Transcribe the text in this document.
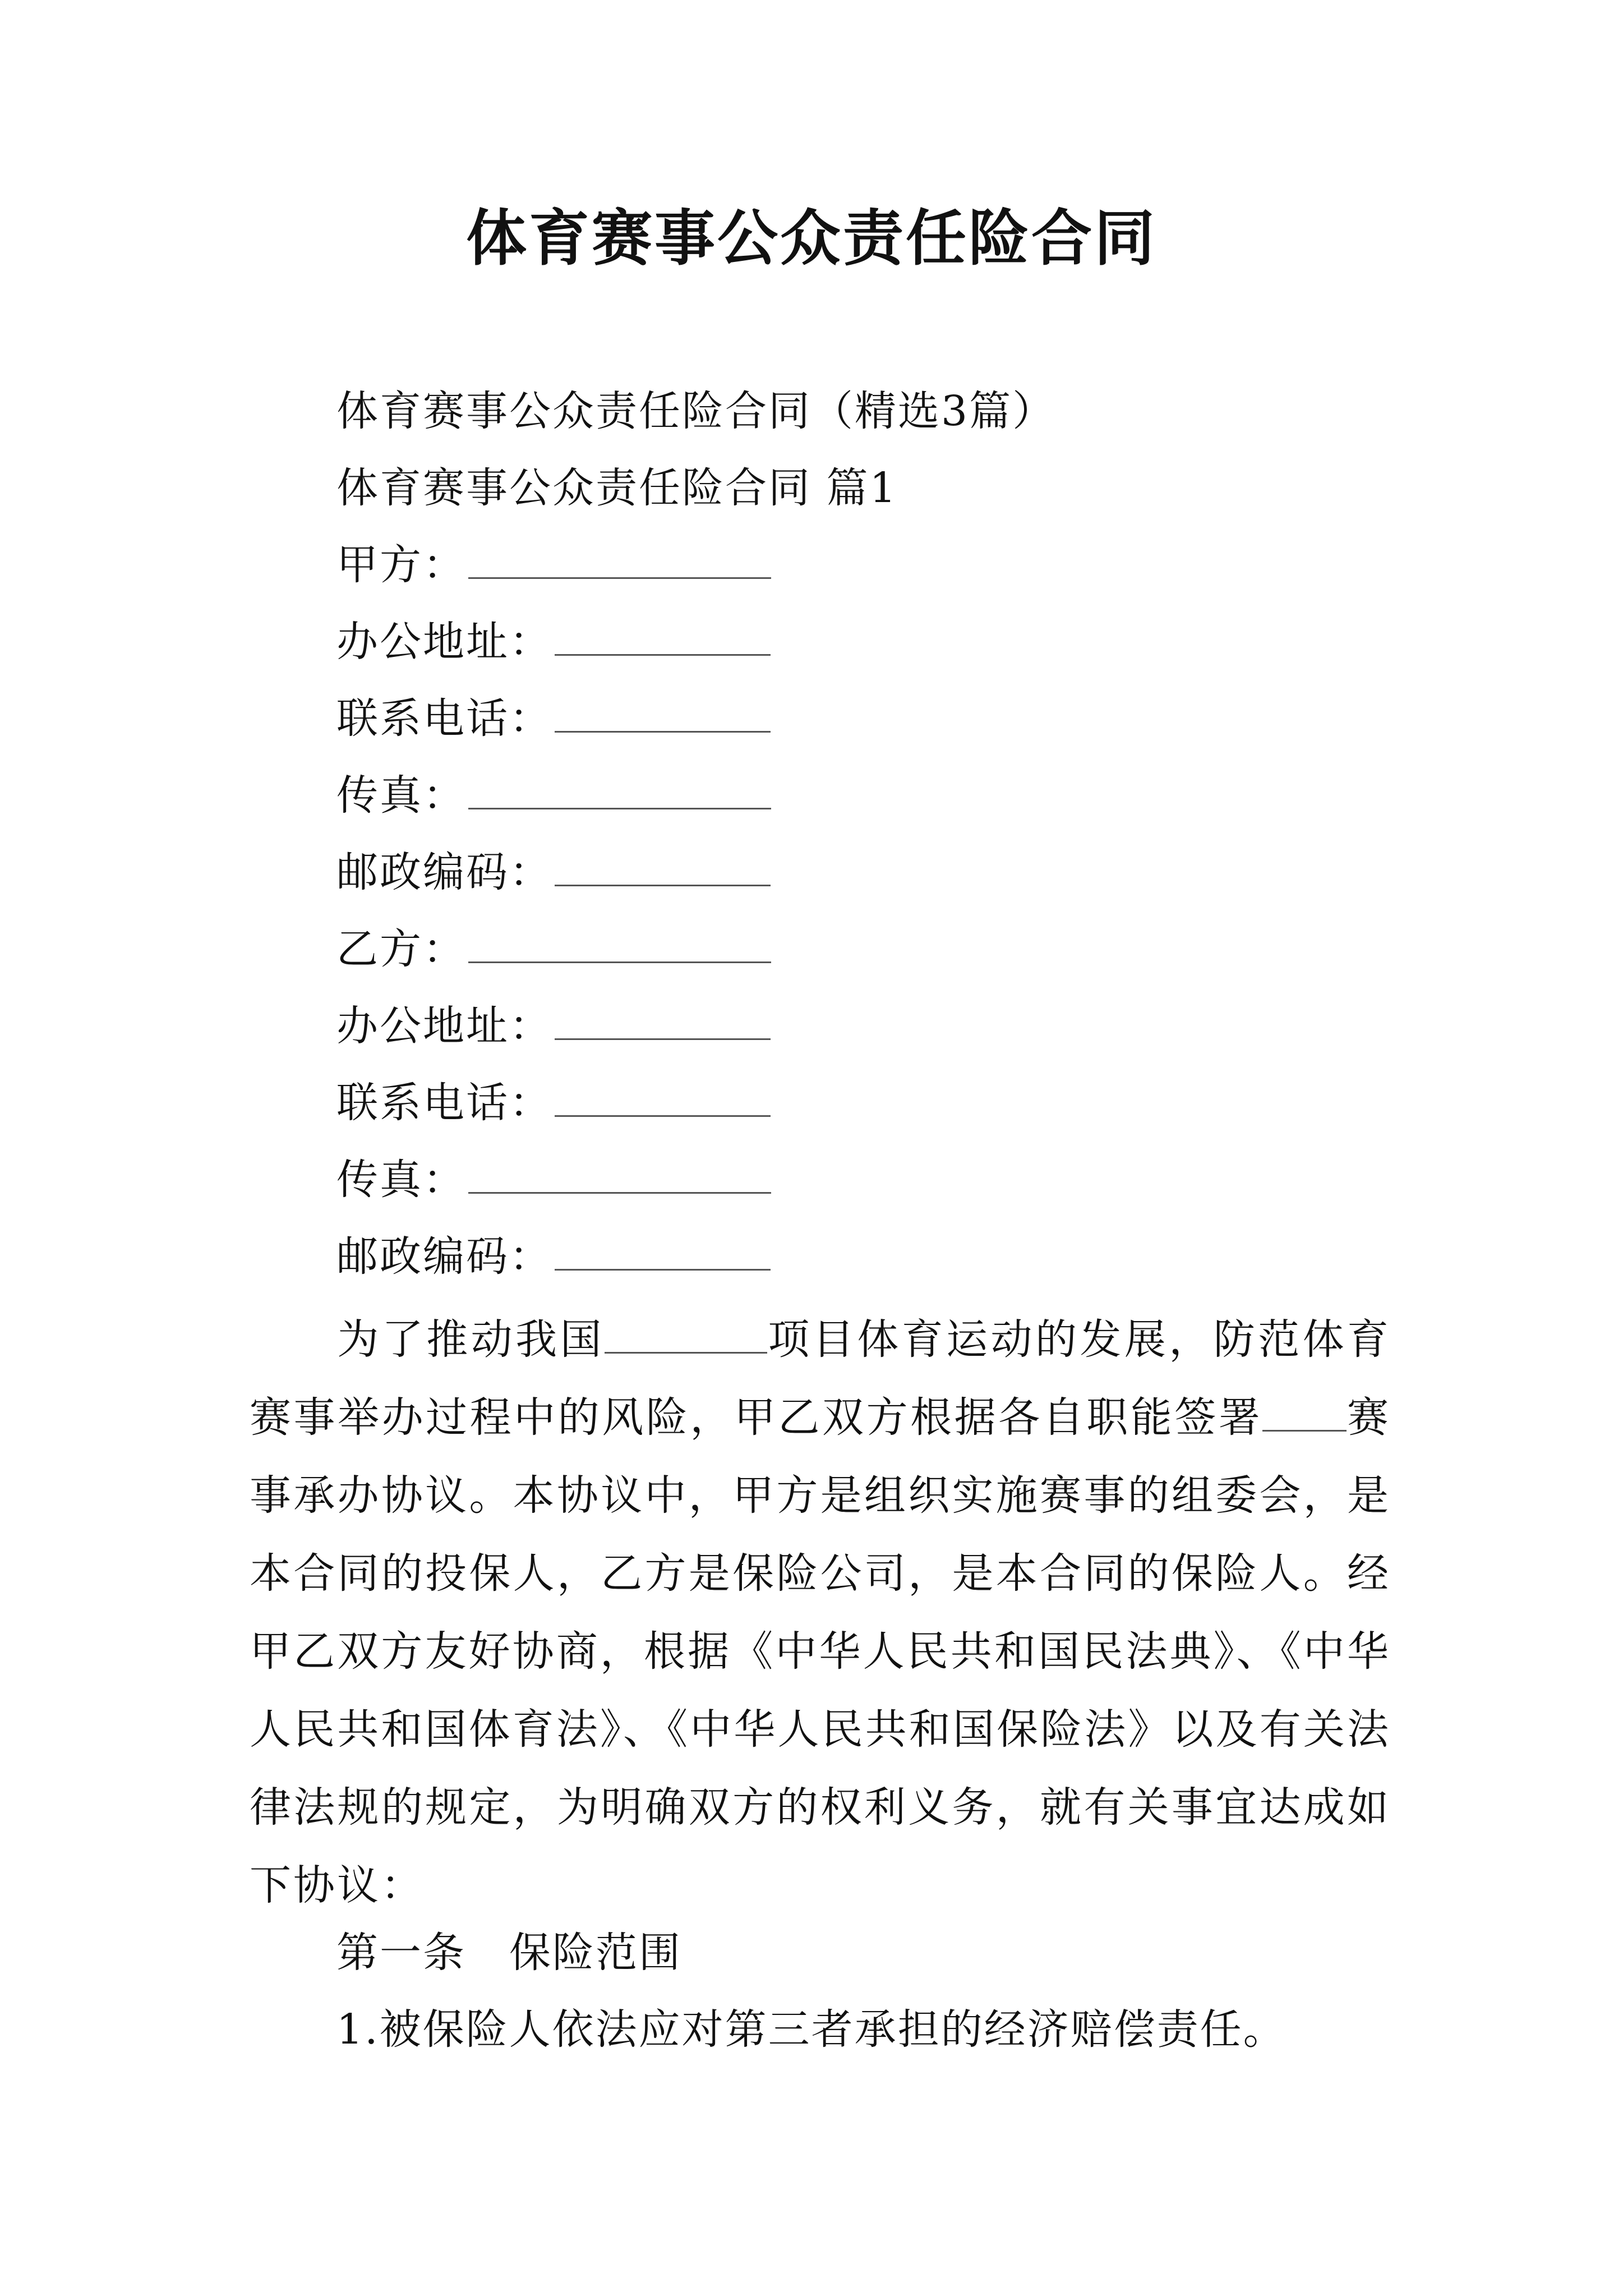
体育赛事公众责任险合同
体育赛事公众责任险合同（精选3篇）
体育赛事公众责任险合同 篇1
甲方：
办公地址：
联系电话：
传真：
邮政编码：
乙方：
办公地址：
联系电话：
传真：
邮政编码：
为了推动我国	项目体育运动的发展，防范体育赛事举办过程中的风险，甲乙双方根据各自职能签署 赛事承办协议。本协议中，甲方是组织实施赛事的组委会，是本合同的投保人，乙方是保险公司，是本合同的保险人。经甲乙双方友好协商，根据《中华人民共和国民法典》、《中华人民共和国体育法》、《中华人民共和国保险法》以及有关法律法规的规定，为明确双方的权利义务，就有关事宜达成如下协议：
第一条　保险范围
1.被保险人依法应对第三者承担的经济赔偿责任。
